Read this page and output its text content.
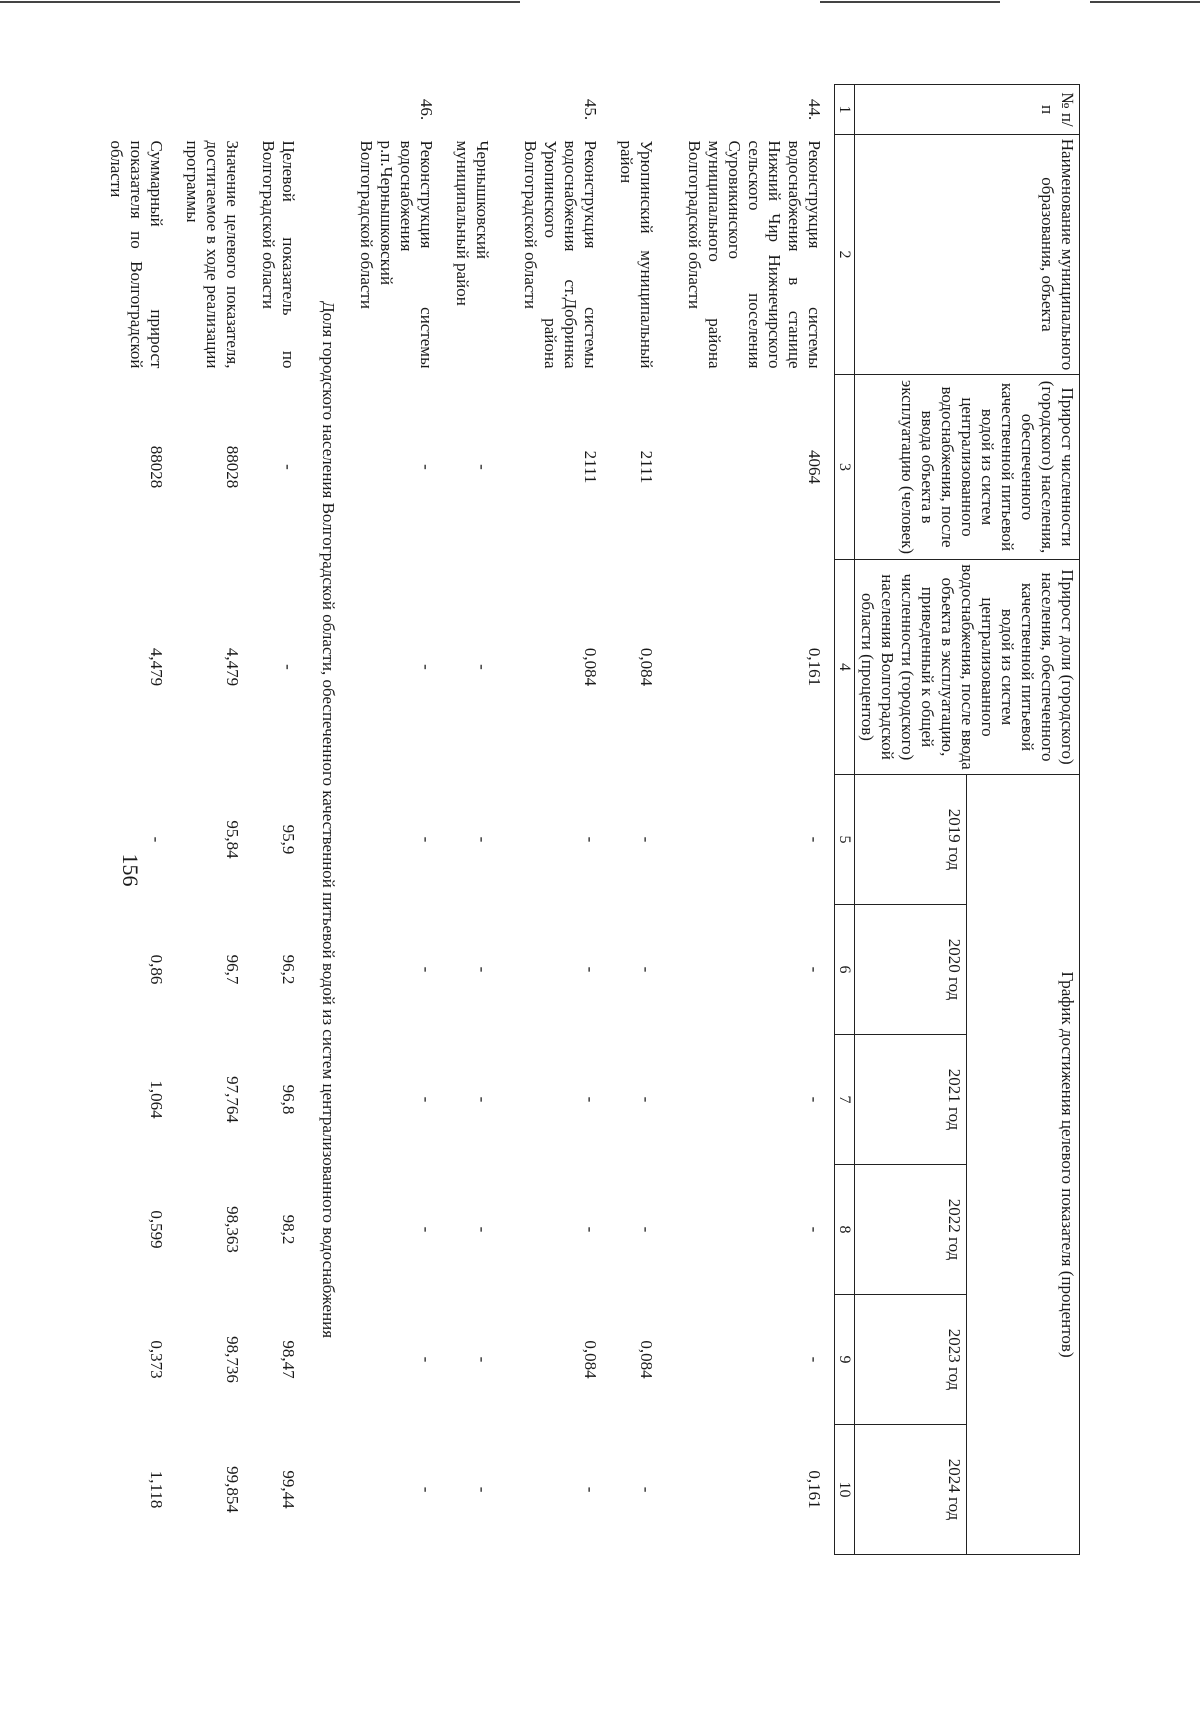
156
№ п/п	Наименование муниципального образования, объекта	Прирост численности (городского) населения, обеспеченного качественной питьевой водой из систем централизованного водоснабжения, после ввода объекта в эксплуатацию (человек)	Прирост доли (городского) населения, обеспеченного качественной питьевой водой из систем централизованного водоснабжения, после ввода объекта в эксплуатацию, приведенный к общей численности (городского) населения Волгоградской области (процентов)	График достижения целевого показателя (процентов)					
				2019 год	2020 год	2021 год	2022 год	2023 год	2024 год
1	2	3	4	5	6	7	8	9	10
44.	Реконструкция системы водоснабжения в станице Нижний Чир Нижнечирского сельского поселения Суровикинского муниципального района Волгоградской области	4064	0,161	-	-	-	-	-	0,161
	Урюпинский муниципальный район	2111	0,084	-	-	-	-	0,084	-
45.	Реконструкция системы водоснабжения ст.Добринка Урюпинского района Волгоградской области	2111	0,084	-	-	-	-	0,084	-
	Чернышковский муниципальный район	-	-	-	-	-	-	-	-
46.	Реконструкция системы водоснабжения р.п.Чернышковский Волгоградской области	-	-	-	-	-	-	-	-
Доля городского населения Волгоградской области, обеспеченного качественной питьевой водой из систем централизованного водоснабжения									
	Целевой показатель по Волгоградской области	-	-	95,9	96,2	96,8	98,2	98,47	99,44
	Значение целевого показателя, достигаемое в ходе реализации программы	88028	4,479	95,84	96,7	97,764	98,363	98,736	99,854
	Суммарный прирост показателя по Волгоградской области	88028	4,479	-	0,86	1,064	0,599	0,373	1,118
